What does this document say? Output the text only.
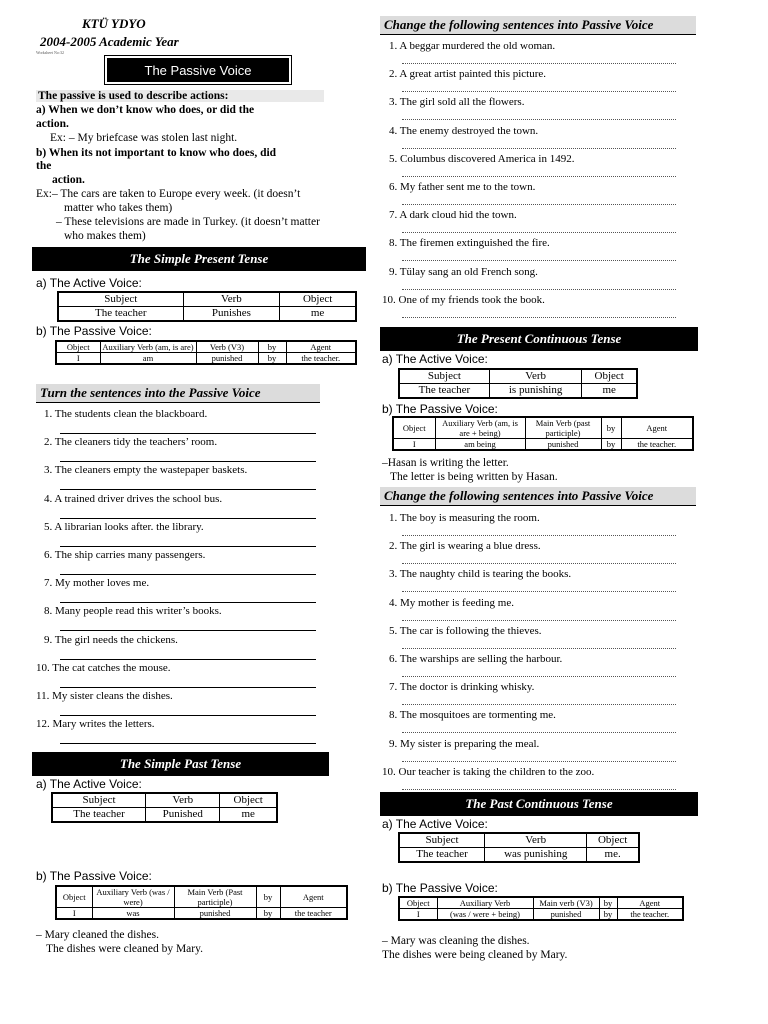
KTÜ YDYO
2004-2005 Academic Year
Worksheet No:32
The Passive Voice
The passive is used to describe actions:
a) When we don’t know who does, or did the
action.
Ex: – My briefcase was stolen last night.
b) When its not important to know who does, did
the
action.
Ex:– The cars are taken to Europe every week. (it doesn’t
matter who takes them)
– These televisions are made in Turkey. (it doesn’t matter
who makes them)
The Simple Present Tense
a) The Active Voice:
Subject	Verb	Object
The teacher	Punishes	me
b) The Passive Voice:
Object	Auxiliary Verb (am, is are)	Verb (V3)	by	Agent
I	am	punished	by	the teacher.
Turn the sentences into the Passive Voice
1. The students clean the blackboard.
2. The cleaners tidy the teachers’ room.
3. The cleaners empty the wastepaper baskets.
4. A trained driver drives the school bus.
5. A librarian looks after. the library.
6. The ship carries many passengers.
7. My mother loves me.
8. Many people read this writer’s books.
9. The girl needs the chickens.
10. The cat catches the mouse.
11. My sister cleans the dishes.
12. Mary writes the letters.
The Simple Past Tense
a) The Active Voice:
Subject	Verb	Object
The teacher	Punished	me
b) The Passive Voice:
Object	Auxiliary Verb (was / were)	Main Verb (Past participle)	by	Agent
I	was	punished	by	the teacher
– Mary cleaned the dishes.
The dishes were cleaned by Mary.
Change the following sentences into Passive Voice
1. A beggar murdered the old woman.
2. A great artist painted this picture.
3. The girl sold all the flowers.
4. The enemy destroyed the town.
5. Columbus discovered America in 1492.
6. My father sent me to the town.
7. A dark cloud hid the town.
8. The firemen extinguished the fire.
9. Tülay sang an old French song.
10. One of my friends took the book.
The Present Continuous Tense
a) The Active Voice:
Subject	Verb	Object
The teacher	is punishing	me
b) The Passive Voice:
Object	Auxiliary Verb (am, is are + being)	Main Verb (past participle)	by	Agent
I	am being	punished	by	the teacher.
–Hasan is writing the letter.
The letter is being written by Hasan.
Change the following sentences into Passive Voice
1. The boy is measuring the room.
2. The girl is wearing a blue dress.
3. The naughty child is tearing the books.
4. My mother is feeding me.
5. The car is following the thieves.
6. The warships are selling the harbour.
7. The doctor is drinking whisky.
8. The mosquitoes are tormenting me.
9. My sister is preparing the meal.
10. Our teacher is taking the children to the zoo.
The Past Continuous Tense
a) The Active Voice:
Subject	Verb	Object
The teacher	was punishing	me.
b) The Passive Voice:
Object	Auxiliary Verb	Main verb (V3)	by	Agent
I	(was / were + being)	punished	by	the teacher.
– Mary was cleaning the dishes.
The dishes were being cleaned by Mary.
